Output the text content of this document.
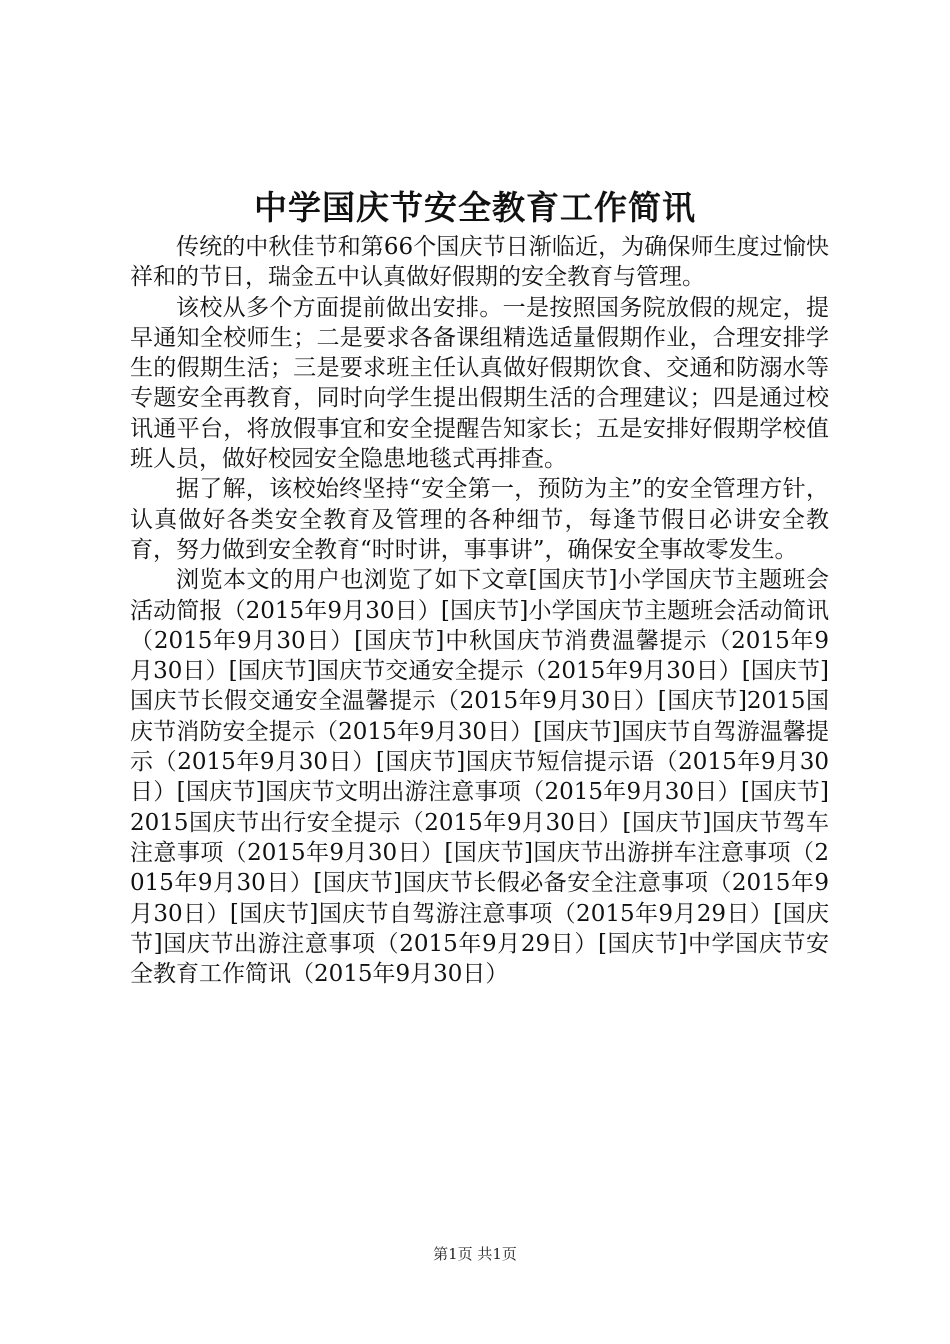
中学国庆节安全教育工作简讯

传统的中秋佳节和第66个国庆节日渐临近，为确保师生度过愉快祥和的节日，瑞金五中认真做好假期的安全教育与管理。

该校从多个方面提前做出安排。一是按照国务院放假的规定，提早通知全校师生；二是要求各备课组精选适量假期作业，合理安排学生的假期生活；三是要求班主任认真做好假期饮食、交通和防溺水等专题安全再教育，同时向学生提出假期生活的合理建议；四是通过校讯通平台，将放假事宜和安全提醒告知家长；五是安排好假期学校值班人员，做好校园安全隐患地毯式再排查。

据了解，该校始终坚持“安全第一，预防为主”的安全管理方针，认真做好各类安全教育及管理的各种细节，每逢节假日必讲安全教育，努力做到安全教育“时时讲，事事讲”，确保安全事故零发生。

浏览本文的用户也浏览了如下文章[国庆节]小学国庆节主题班会活动简报（2015年9月30日）[国庆节]小学国庆节主题班会活动简讯（2015年9月30日）[国庆节]中秋国庆节消费温馨提示（2015年9月30日）[国庆节]国庆节交通安全提示（2015年9月30日）[国庆节]国庆节长假交通安全温馨提示（2015年9月30日）[国庆节]2015国庆节消防安全提示（2015年9月30日）[国庆节]国庆节自驾游温馨提示（2015年9月30日）[国庆节]国庆节短信提示语（2015年9月30日）[国庆节]国庆节文明出游注意事项（2015年9月30日）[国庆节]2015国庆节出行安全提示（2015年9月30日）[国庆节]国庆节驾车注意事项（2015年9月30日）[国庆节]国庆节出游拼车注意事项（2015年9月30日）[国庆节]国庆节长假必备安全注意事项（2015年9月30日）[国庆节]国庆节自驾游注意事项（2015年9月29日）[国庆节]国庆节出游注意事项（2015年9月29日）[国庆节]中学国庆节安全教育工作简讯（2015年9月30日）

第1页 共1页
